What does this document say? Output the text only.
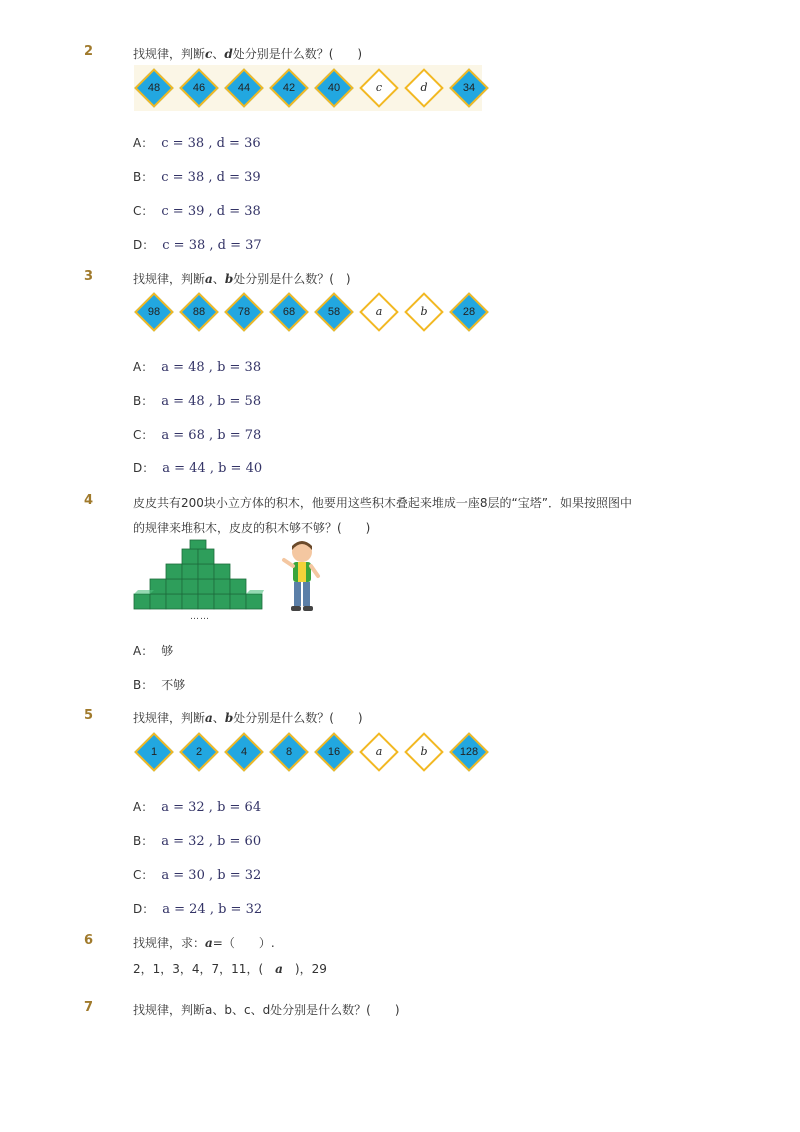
2	找规律，判断c、d处分别是什么数？(　　)
48	46	44	42	40	c	d	34
A： c = 38 , d = 36
B： c = 38 , d = 39
C： c = 39 , d = 38
D： c = 38 , d = 37
3	找规律，判断a、b处分别是什么数？(　)
98	88	78	68	58	a	b	28
A： a = 48 , b = 38
B： a = 48 , b = 58
C： a = 68 , b = 78
D： a = 44 , b = 40
4	皮皮共有200块小立方体的积木，他要用这些积木叠起来堆成一座8层的“宝塔”．如果按照图中
的规律来堆积木，皮皮的积木够不够？(　　)
……
A： 够
B： 不够
5	找规律，判断a、b处分别是什么数？(　　)
1	2	4	8	16	a	b	128
A： a = 32 , b = 64
B： a = 32 , b = 60
C： a = 30 , b = 32
D： a = 24 , b = 32
6	找规律，求：a=（　　）.
2，1，3，4，7，11，(　a　)，29
7	找规律，判断a、b、c、d处分别是什么数？(　　)
